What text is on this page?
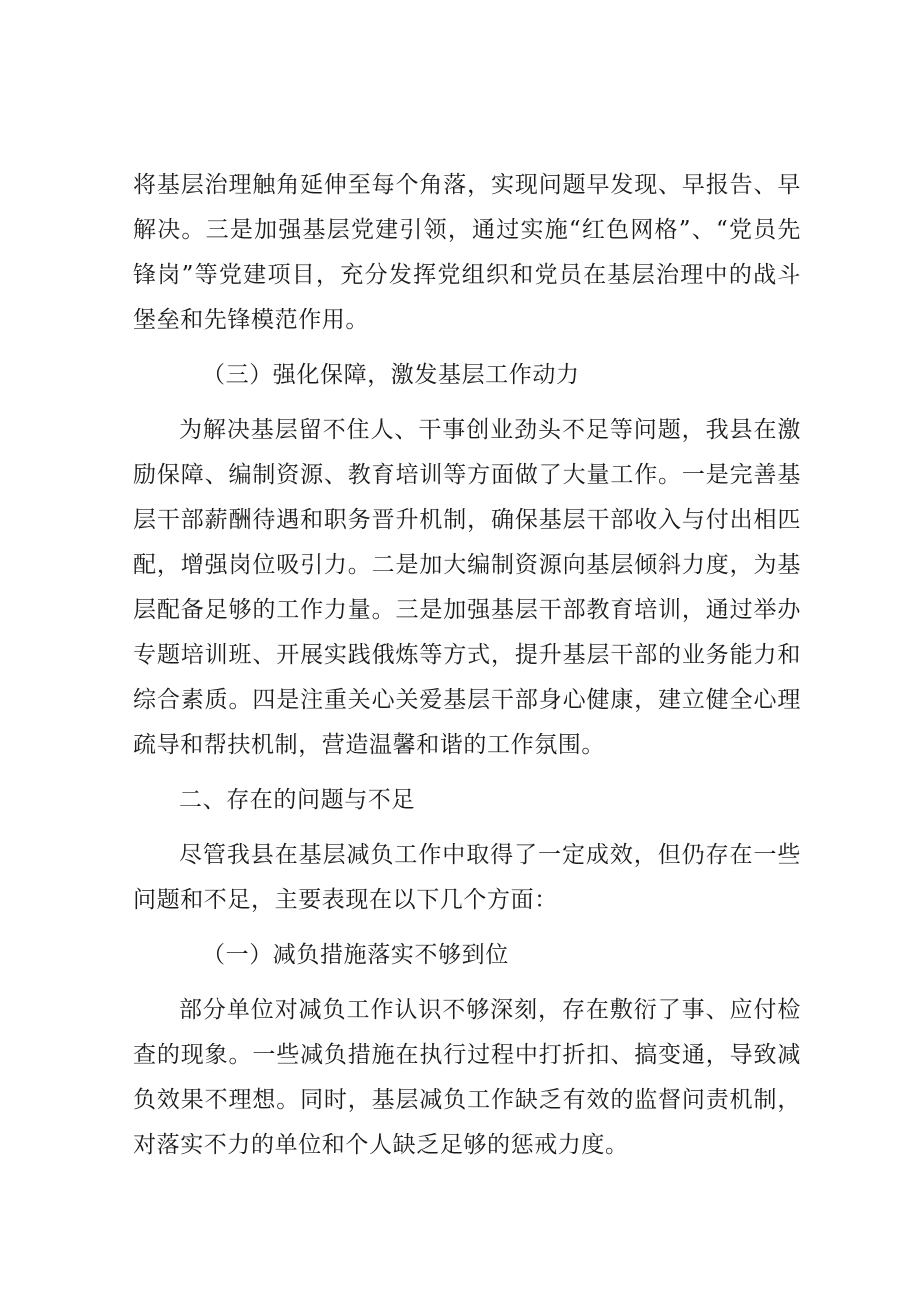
将基层治理触角延伸至每个角落，实现问题早发现、早报告、早解决。三是加强基层党建引领，通过实施“红色网格”、“党员先锋岗”等党建项目，充分发挥党组织和党员在基层治理中的战斗堡垒和先锋模范作用。

（三）强化保障，激发基层工作动力

为解决基层留不住人、干事创业劲头不足等问题，我县在激励保障、编制资源、教育培训等方面做了大量工作。一是完善基层干部薪酬待遇和职务晋升机制，确保基层干部收入与付出相匹配，增强岗位吸引力。二是加大编制资源向基层倾斜力度，为基层配备足够的工作力量。三是加强基层干部教育培训，通过举办专题培训班、开展实践俄炼等方式，提升基层干部的业务能力和综合素质。四是注重关心关爱基层干部身心健康，建立健全心理疏导和帮扶机制，营造温馨和谐的工作氛围。

二、存在的问题与不足

尽管我县在基层减负工作中取得了一定成效，但仍存在一些问题和不足，主要表现在以下几个方面：

（一）减负措施落实不够到位

部分单位对减负工作认识不够深刻，存在敷衍了事、应付检查的现象。一些减负措施在执行过程中打折扣、搞变通，导致减负效果不理想。同时，基层减负工作缺乏有效的监督问责机制，对落实不力的单位和个人缺乏足够的惩戒力度。
